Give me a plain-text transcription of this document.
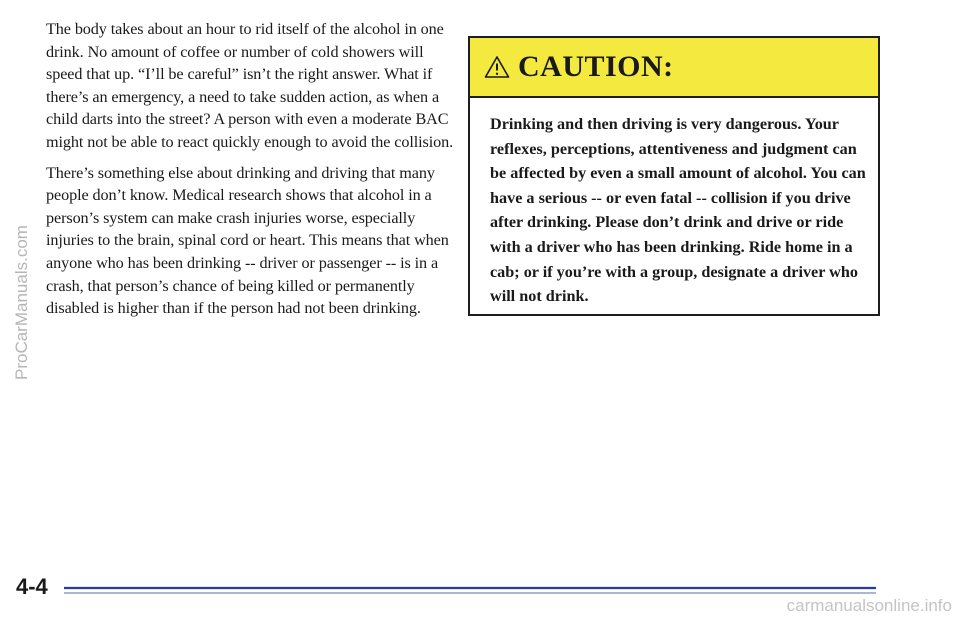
The body takes about an hour to rid itself of the alcohol in one drink. No amount of coffee or number of cold showers will speed that up. “I’ll be careful” isn’t the right answer. What if there’s an emergency, a need to take sudden action, as when a child darts into the street? A person with even a moderate BAC might not be able to react quickly enough to avoid the collision.

There’s something else about drinking and driving that many people don’t know. Medical research shows that alcohol in a person’s system can make crash injuries worse, especially injuries to the brain, spinal cord or heart. This means that when anyone who has been drinking -- driver or passenger -- is in a crash, that person’s chance of being killed or permanently disabled is higher than if the person had not been drinking.

CAUTION:
Drinking and then driving is very dangerous. Your reflexes, perceptions, attentiveness and judgment can be affected by even a small amount of alcohol. You can have a serious -- or even fatal -- collision if you drive after drinking. Please don’t drink and drive or ride with a driver who has been drinking. Ride home in a cab; or if you’re with a group, designate a driver who will not drink.
ProCarManuals.com
4-4
carmanualsonline.info
